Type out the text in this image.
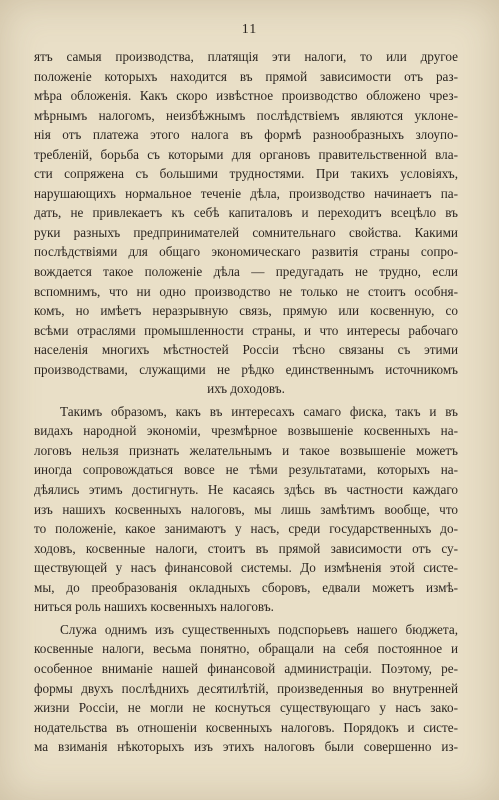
11
ятъ самыя производства, платящія эти налоги, то или другое
положеніе которыхъ находится въ прямой зависимости отъ раз-
мѣра обложенія. Какъ скоро извѣстное производство обложено чрез-
мѣрнымъ налогомъ, неизбѣжнымъ послѣдствіемъ являются уклоне-
нія отъ платежа этого налога въ формѣ разнообразныхъ злоупо-
требленій, борьба съ которыми для органовъ правительственной вла-
сти сопряжена съ большими трудностями. При такихъ условіяхъ,
нарушающихъ нормальное теченіе дѣла, производство начинаетъ па-
дать, не привлекаетъ къ себѣ капиталовъ и переходитъ всецѣло въ
руки разныхъ предпринимателей сомнительнаго свойства. Какими
послѣдствіями для общаго экономическаго развитія страны сопро-
вождается такое положеніе дѣла — предугадать не трудно, если
вспомнимъ, что ни одно производство не только не стоитъ особня-
комъ, но имѣетъ неразрывную связь, прямую или косвенную, со
всѣми отраслями промышленности страны, и что интересы рабочаго
населенія многихъ мѣстностей Россіи тѣсно связаны съ этими
производствами, служащими не рѣдко единственнымъ источникомъ
ихъ доходовъ.
Такимъ образомъ, какъ въ интересахъ самаго фиска, такъ и въ
видахъ народной экономіи, чрезмѣрное возвышеніе косвенныхъ на-
логовъ нельзя признать желательнымъ и такое возвышеніе можетъ
иногда сопровождаться вовсе не тѣми результатами, которыхъ на-
дѣялись этимъ достигнуть. Не касаясь здѣсь въ частности каждаго
изъ нашихъ косвенныхъ налоговъ, мы лишь замѣтимъ вообще, что
то положеніе, какое занимаютъ у насъ, среди государственныхъ до-
ходовъ, косвенные налоги, стоитъ въ прямой зависимости отъ су-
ществующей у насъ финансовой системы. До измѣненія этой систе-
мы, до преобразованія окладныхъ сборовъ, едвали можетъ измѣ-
ниться роль нашихъ косвенныхъ налоговъ.
Служа однимъ изъ существенныхъ подспорьевъ нашего бюджета,
косвенные налоги, весьма понятно, обращали на себя постоянное и
особенное вниманіе нашей финансовой администраціи. Поэтому, ре-
формы двухъ послѣднихъ десятилѣтій, произведенныя во внутренней
жизни Россіи, не могли не коснуться существующаго у насъ зако-
нодательства въ отношеніи косвенныхъ налоговъ. Порядокъ и систе-
ма взиманія нѣкоторыхъ изъ этихъ налоговъ были совершенно из-
